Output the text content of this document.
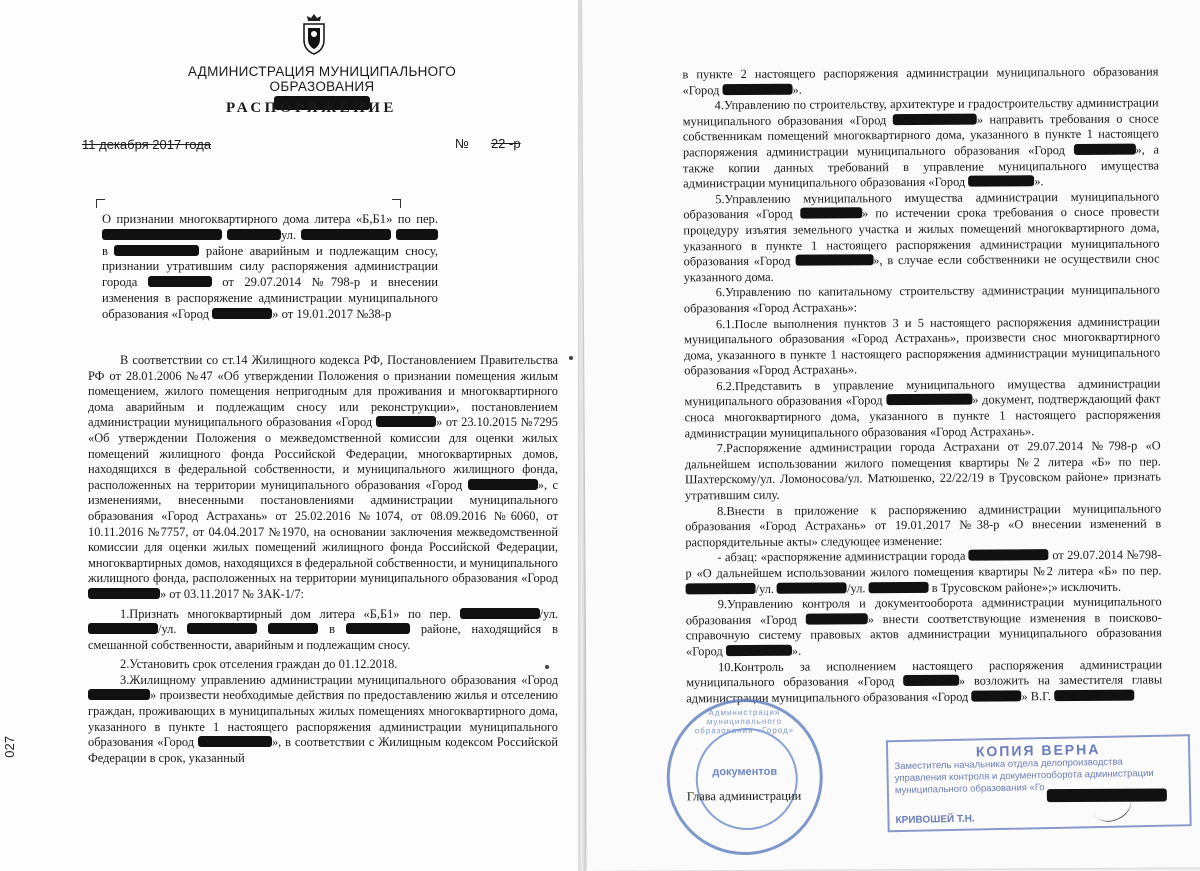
АДМИНИСТРАЦИЯ МУНИЦИПАЛЬНОГО ОБРАЗОВАНИЯ
РАСПОРЯЖЕНИЕ
11 декабря 2017 года	№ 22 -р
О признании многоквартирного дома литера «Б,Б1» по пер.  ул.   в	районе аварийным и подлежащим сносу, признании утратившим силу распоряжения администрации города	от 29.07.2014 №798-р и внесении изменения в распоряжение администрации муниципального образования «Город	» от 19.01.2017 №38-р

В соответствии со ст.14 Жилищного кодекса РФ, Постановлением Правительства РФ от 28.01.2006 №47 «Об утверждении Положения о признании помещения жилым помещением, жилого помещения непригодным для проживания и многоквартирного дома аварийным и подлежащим сносу или реконструкции», постановлением администрации муниципального образования «Город	» от 23.10.2015 №7295 «Об утверждении Положения о межведомственной комиссии для оценки жилых помещений жилищного фонда Российской Федерации, многоквартирных домов, находящихся в федеральной собственности, и муниципального жилищного фонда, расположенных на территории муниципального образования «Город	», с изменениями, внесенными постановлениями администрации муниципального образования «Город Астрахань» от 25.02.2016 №1074, от 08.09.2016 №6060, от 10.11.2016 №7757, от 04.04.2017 №1970, на основании заключения межведомственной комиссии для оценки жилых помещений жилищного фонда Российской Федерации, многоквартирных домов, находящихся в федеральной собственности, и муниципального жилищного фонда, расположенных на территории муниципального образования «Город » от 03.11.2017 № ЗАК-1/7:

1.Признать многоквартирный дом литера «Б,Б1» по пер.	/ул. /ул.	в	районе, находящийся в смешанной собственности, аварийным и подлежащим сносу.

2.Установить срок отселения граждан до 01.12.2018.

3.Жилищному управлению администрации муниципального образования «Город » произвести необходимые действия по предоставлению жилья и отселению граждан, проживающих в муниципальных жилых помещениях многоквартирного дома, указанного в пункте 1 настоящего распоряжения администрации муниципального образования «Город	», в соответствии с Жилищным кодексом Российской Федерации в срок, указанный

027

в пункте 2 настоящего распоряжения администрации муниципального образования «Город	».

4.Управлению по строительству, архитектуре и градостроительству администрации муниципального образования «Город	» направить требования о сносе собственникам помещений многоквартирного дома, указанного в пункте 1 настоящего распоряжения администрации муниципального образования «Город	», а также копии данных требований в управление муниципального имущества администрации муниципального образования «Город	».

5.Управлению муниципального имущества администрации муниципального образования «Город	» по истечении срока требования о сносе провести процедуру изъятия земельного участка и жилых помещений многоквартирного дома, указанного в пункте 1 настоящего распоряжения администрации муниципального образования «Город	», в случае если собственники не осуществили снос указанного дома.

6.Управлению по капитальному строительству администрации муниципального образования «Город Астрахань»:

6.1.После выполнения пунктов 3 и 5 настоящего распоряжения администрации муниципального образования «Город Астрахань», произвести снос многоквартирного дома, указанного в пункте 1 настоящего распоряжения администрации муниципального образования «Город Астрахань».

6.2.Представить в управление муниципального имущества администрации муниципального образования «Город	» документ, подтверждающий факт сноса многоквартирного дома, указанного в пункте 1 настоящего распоряжения администрации муниципального образования «Город Астрахань».

7.Распоряжение администрации города Астрахани от 29.07.2014 №798-р «О дальнейшем использовании жилого помещения квартиры №2 литера «Б» по пер. Шахтерскому/ул. Ломоносова/ул. Матюшенко, 22/22/19 в Трусовском районе» признать утратившим силу.

8.Внести в приложение к распоряжению администрации муниципального образования «Город Астрахань» от 19.01.2017 №38-р «О внесении изменений в распорядительные акты» следующее изменение:

- абзац: «распоряжение администрации города	от 29.07.2014 №798-р «О дальнейшем использовании жилого помещения квартиры №2 литера «Б» по пер. /ул.	/ул.	в Трусовском районе»;» исключить.

9.Управлению контроля и документооборота администрации муниципального образования «Город	» внести соответствующие изменения в поисково-справочную систему правовых актов администрации муниципального образования «Город	».

10.Контроль за исполнением настоящего распоряжения администрации муниципального образования «Город	» возложить на заместителя главы администрации муниципального образования «Город	» В.Г.

Администрация муниципального образования «Город»
документов
Глава администрации
КОПИЯ ВЕРНА
Заместитель начальника отдела делопроизводства
управления контроля и документооборота администрации
муниципального образования «Го
КРИВОШЕЙ Т.Н.
